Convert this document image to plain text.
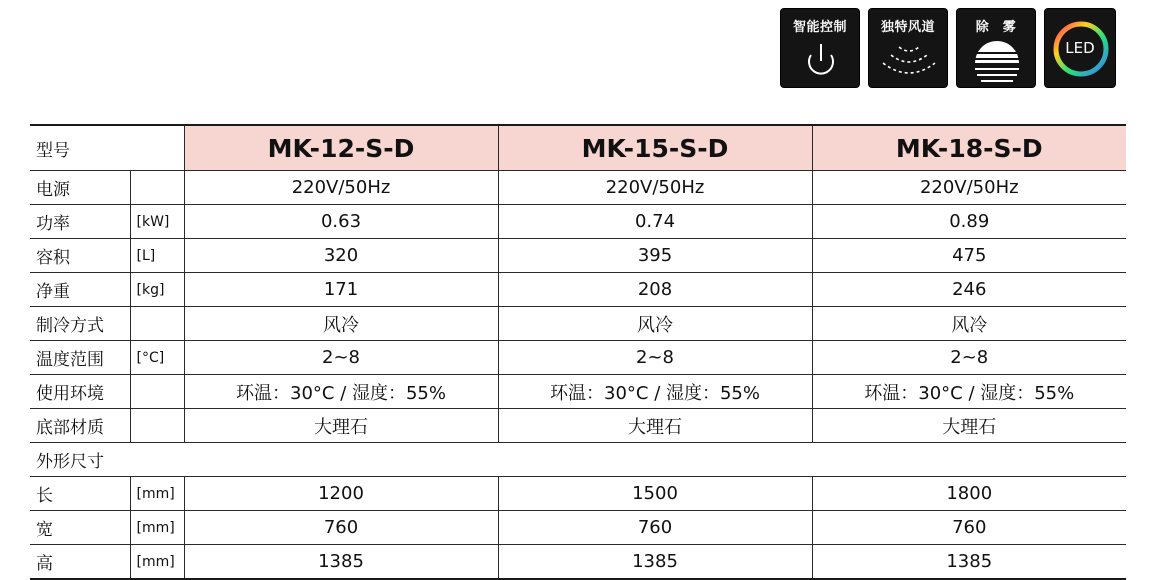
智能控制	独特风道	除　雾
LED
型号		MK-12-S-D	MK-15-S-D	MK-18-S-D
电源		220V/50Hz	220V/50Hz	220V/50Hz
功率	[kW]	0.63	0.74	0.89
容积	[L]	320	395	475
净重	[kg]	171	208	246
制冷方式		风冷	风冷	风冷
温度范围	[°C]	2~8	2~8	2~8
使用环境		环温：30°C / 湿度：55%	环温：30°C / 湿度：55%	环温：30°C / 湿度：55%
底部材质		大理石	大理石	大理石
外形尺寸				
长	[mm]	1200	1500	1800
宽	[mm]	760	760	760
高	[mm]	1385	1385	1385
